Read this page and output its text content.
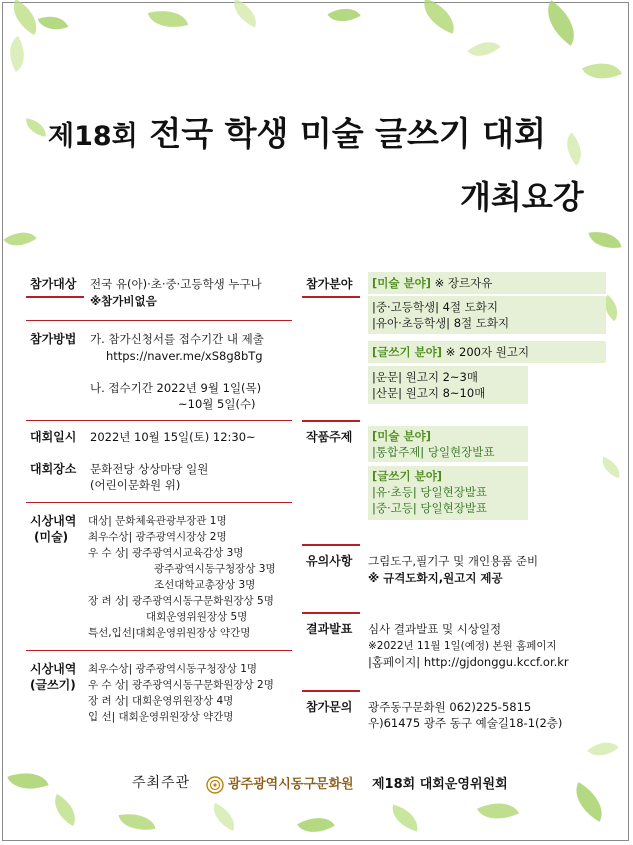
제18회 전국 학생 미술 글쓰기 대회
개최요강
참가대상 전국 유(아)·초·중·고등학생 누구나
※참가비없음
참가방법 가. 참가신청서를 접수기간 내 제출
https://naver.me/xS8g8bTg
나. 접수기간 2022년 9월 1일(목)
~10월 5일(수)
대회일시 2022년 10월 15일(토) 12:30~
대회장소 문화전당 상상마당 일원
(어린이문화원 위)
시상내역
(미술)
대상| 문화체육관광부장관 1명
최우수상| 광주광역시장상 2명
우 수 상| 광주광역시교육감상 3명
광주광역시동구청장상 3명
조선대학교총장상 3명
장 려 상| 광주광역시동구문화원장상 5명
대회운영위원장상 5명
특선,입선|대회운영위원장상 약간명
시상내역
(글쓰기)
최우수상| 광주광역시동구청장상 1명
우 수 상| 광주광역시동구문화원장상 2명
장 려 상| 대회운영위원장상 4명
입 선| 대회운영위원장상 약간명
참가분야 [미술 분야] ※ 장르자유
|중·고등학생| 4절 도화지
|유아·초등학생| 8절 도화지
[글쓰기 분야] ※ 200자 원고지
|운문| 원고지 2~3매
|산문| 원고지 8~10매
작품주제 [미술 분야]
|통합주제| 당일현장발표
[글쓰기 분야]
|유·초등| 당일현장발표
|중·고등| 당일현장발표
유의사항 그림도구,필기구 및 개인용품 준비
※ 규격도화지,원고지 제공
결과발표 심사 결과발표 및 시상일정
※2022년 11월 1일(예정) 본원 홈페이지
|홈페이지| http://gjdonggu.kccf.or.kr
참가문의 광주동구문화원 062)225-5815
우)61475 광주 동구 예술길18-1(2층)
주최주관	광주광역시동구문화원 제18회 대회운영위원회
